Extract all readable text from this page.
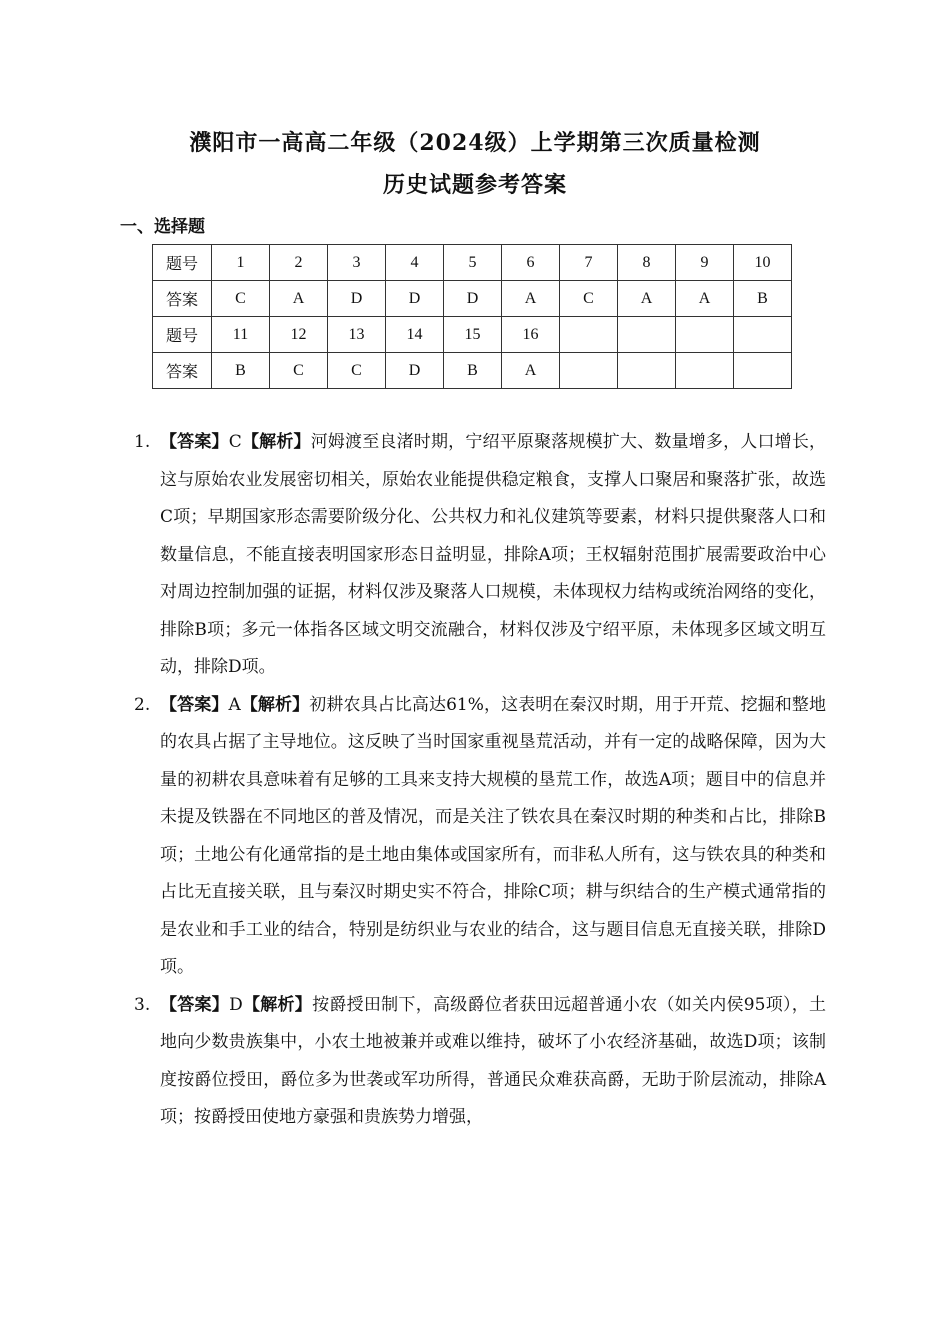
濮阳市一高高二年级（2024级）上学期第三次质量检测
历史试题参考答案
一、选择题
题号	1	2	3	4	5	6	7	8	9	10
答案	C	A	D	D	D	A	C	A	A	B
题号	11	12	13	14	15	16				
答案	B	C	C	D	B	A				
1. 【答案】C【解析】河姆渡至良渚时期，宁绍平原聚落规模扩大、数量增多，人口增长，这与原始农业发展密切相关，原始农业能提供稳定粮食，支撑人口聚居和聚落扩张，故选C项；早期国家形态需要阶级分化、公共权力和礼仪建筑等要素，材料只提供聚落人口和数量信息，不能直接表明国家形态日益明显，排除A项；王权辐射范围扩展需要政治中心对周边控制加强的证据，材料仅涉及聚落人口规模，未体现权力结构或统治网络的变化，排除B项；多元一体指各区域文明交流融合，材料仅涉及宁绍平原，未体现多区域文明互动，排除D项。
2. 【答案】A【解析】初耕农具占比高达61%，这表明在秦汉时期，用于开荒、挖掘和整地的农具占据了主导地位。这反映了当时国家重视垦荒活动，并有一定的战略保障，因为大量的初耕农具意味着有足够的工具来支持大规模的垦荒工作，故选A项；题目中的信息并未提及铁器在不同地区的普及情况，而是关注了铁农具在秦汉时期的种类和占比，排除B项；土地公有化通常指的是土地由集体或国家所有，而非私人所有，这与铁农具的种类和占比无直接关联，且与秦汉时期史实不符合，排除C项；耕与织结合的生产模式通常指的是农业和手工业的结合，特别是纺织业与农业的结合，这与题目信息无直接关联，排除D项。
3. 【答案】D【解析】按爵授田制下，高级爵位者获田远超普通小农（如关内侯95项），土地向少数贵族集中，小农土地被兼并或难以维持，破坏了小农经济基础，故选D项；该制度按爵位授田，爵位多为世袭或军功所得，普通民众难获高爵，无助于阶层流动，排除A项；按爵授田使地方豪强和贵族势力增强，
